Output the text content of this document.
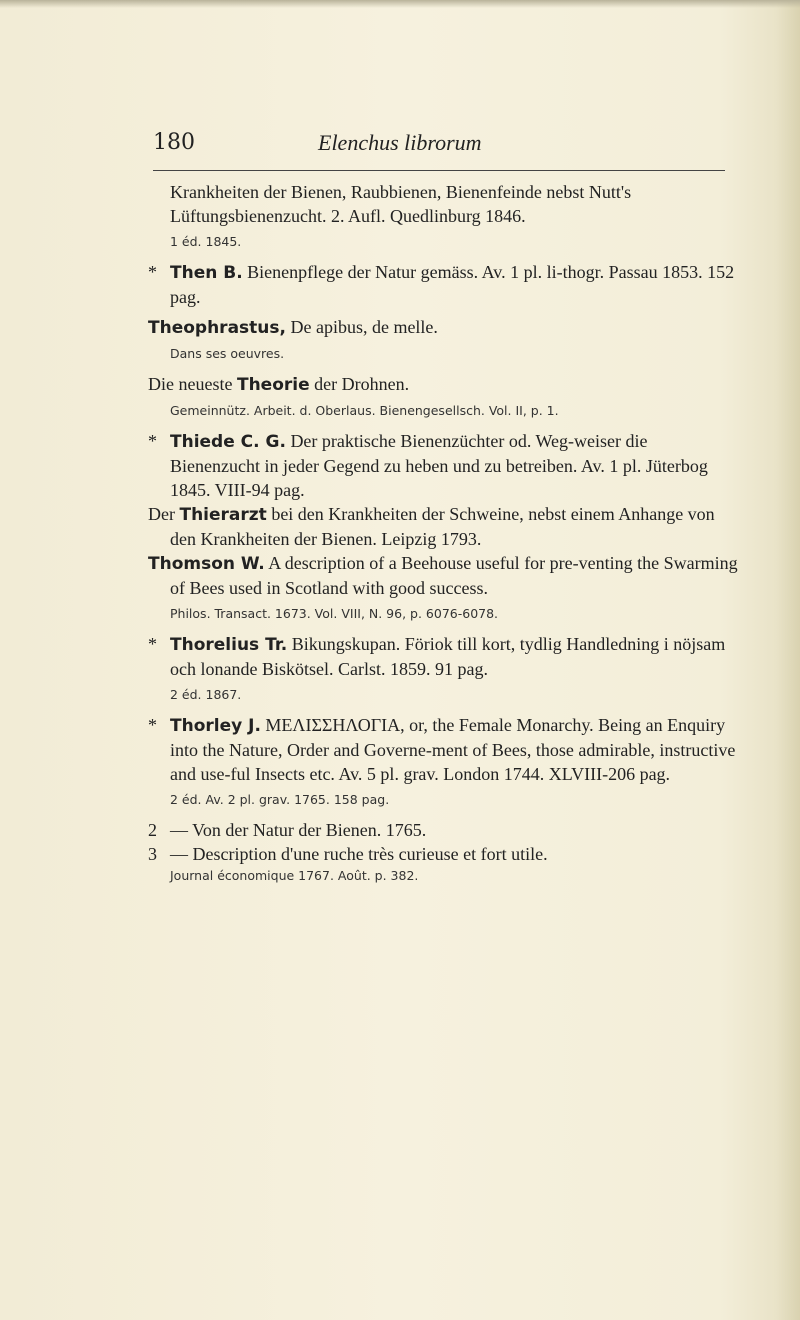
180	Elenchus librorum
Krankheiten der Bienen, Raubbienen, Bienenfeinde nebst Nutt's Lüftungsbienenzucht. 2. Aufl. Quedlinburg 1846.
1 éd. 1845.
* Then B. Bienenpflege der Natur gemäss. Av. 1 pl. li-thogr. Passau 1853. 152 pag.
Theophrastus, De apibus, de melle.
Dans ses oeuvres.
Die neueste Theorie der Drohnen.
Gemeinnütz. Arbeit. d. Oberlaus. Bienengesellsch. Vol. II, p. 1.
* Thiede C. G. Der praktische Bienenzüchter od. Weg-weiser die Bienenzucht in jeder Gegend zu heben und zu betreiben. Av. 1 pl. Jüterbog 1845. VIII-94 pag.
Der Thierarzt bei den Krankheiten der Schweine, nebst einem Anhange von den Krankheiten der Bienen. Leipzig 1793.
Thomson W. A description of a Beehouse useful for pre-venting the Swarming of Bees used in Scotland with good success.
Philos. Transact. 1673. Vol. VIII, N. 96, p. 6076-6078.
* Thorelius Tr. Bikungskupan. Föriok till kort, tydlig Handledning i nöjsam och lonande Biskötsel. Carlst. 1859. 91 pag.
2 éd. 1867.
* Thorley J. ΜΕΛΙΣΣΗΛΟΓΙΑ, or, the Female Monarchy. Being an Enquiry into the Nature, Order and Governe-ment of Bees, those admirable, instructive and use-ful Insects etc. Av. 5 pl. grav. London 1744. XLVIII-206 pag.
2 éd. Av. 2 pl. grav. 1765. 158 pag.
2 — Von der Natur der Bienen. 1765.
3 — Description d'une ruche très curieuse et fort utile.
Journal économique 1767. Août. p. 382.
